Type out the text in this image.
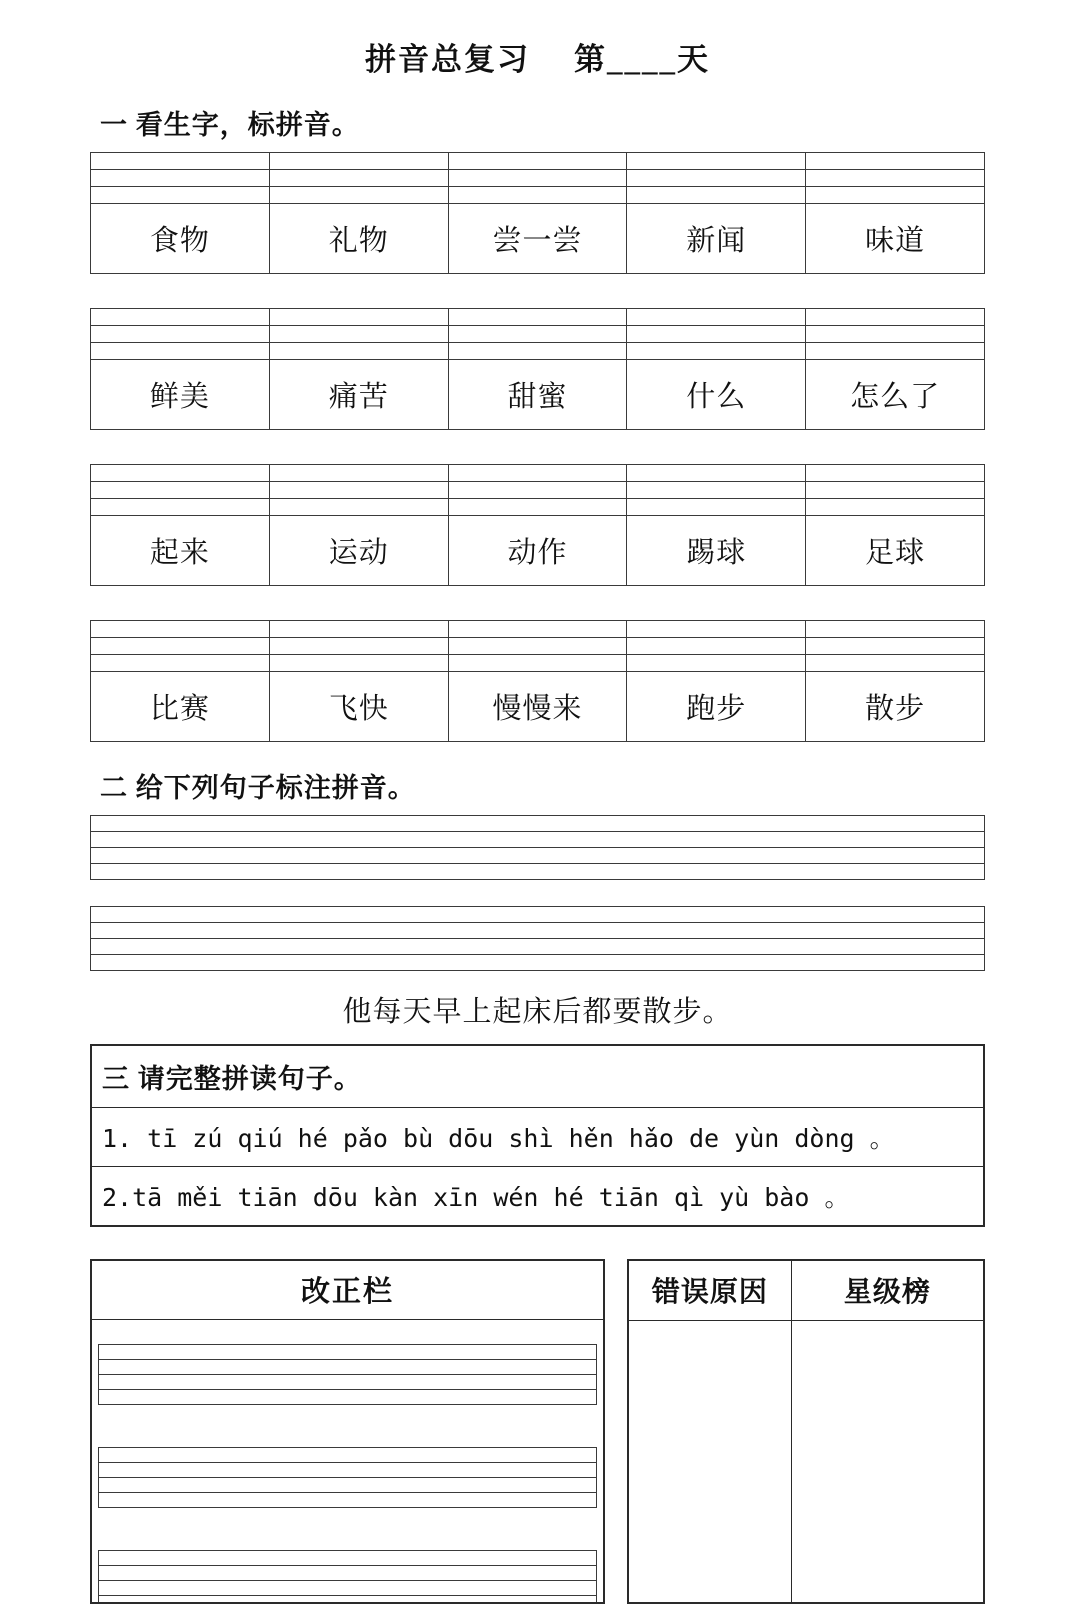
拼音总复习 第____天
一 看生字，标拼音。

食物	礼物	尝一尝	新闻	味道

鲜美	痛苦	甜蜜	什么	怎么了

起来	运动	动作	踢球	足球

比赛	飞快	慢慢来	跑步	散步
二 给下列句子标注拼音。
他每天早上起床后都要散步。
三 请完整拼读句子。
1. tī zú qiú hé pǎo bù dōu shì hěn hǎo de yùn dòng 。
2.tā měi tiān dōu kàn xīn wén hé tiān qì yù bào 。
改正栏	错误原因	星级榜
